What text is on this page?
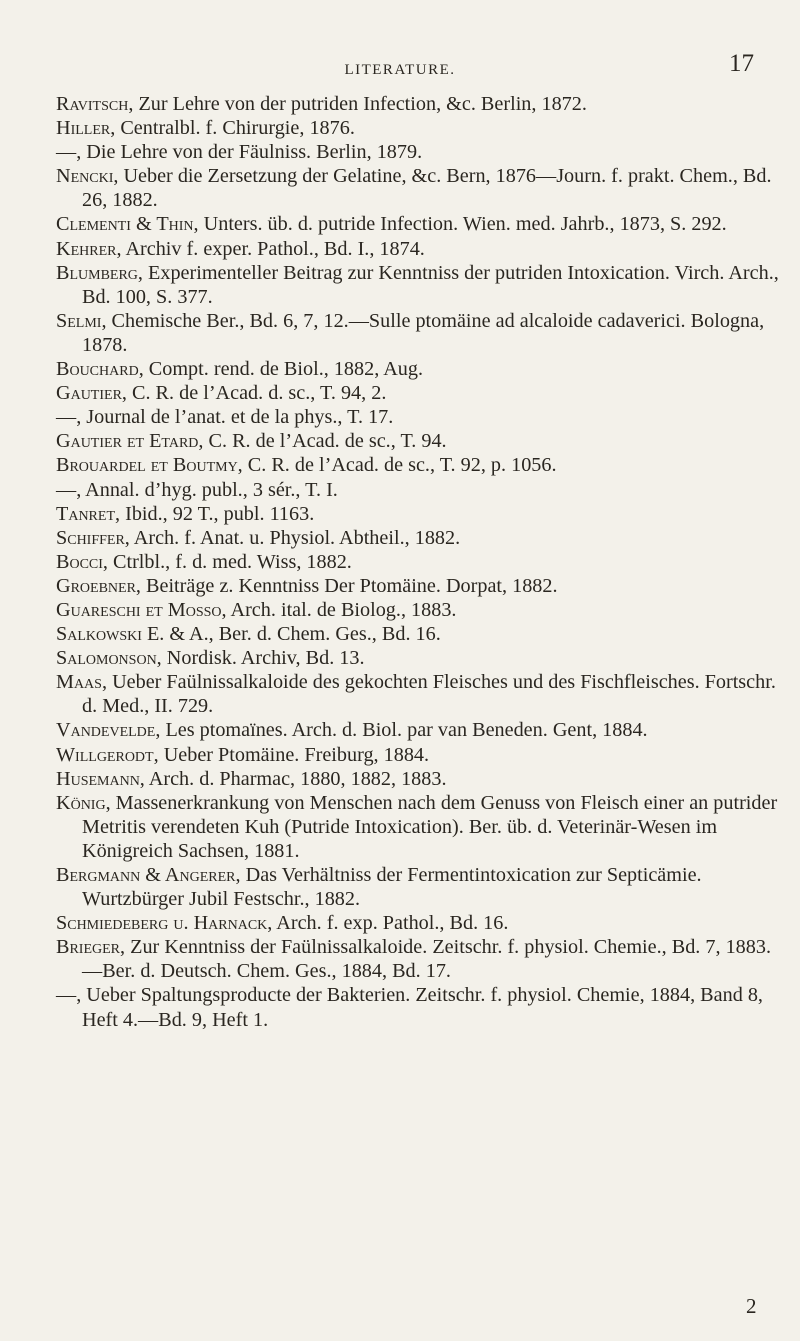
LITERATURE.	17

Ravitsch, Zur Lehre von der putriden Infection, &c. Berlin, 1872.

Hiller, Centralbl. f. Chirurgie, 1876.

—, Die Lehre von der Fäulniss. Berlin, 1879.

Nencki, Ueber die Zersetzung der Gelatine, &c. Bern, 1876—Journ. f. prakt. Chem., Bd. 26, 1882.

Clementi & Thin, Unters. üb. d. putride Infection. Wien. med. Jahrb., 1873, S. 292.

Kehrer, Archiv f. exper. Pathol., Bd. I., 1874.

Blumberg, Experimenteller Beitrag zur Kenntniss der putriden Intoxication. Virch. Arch., Bd. 100, S. 377.

Selmi, Chemische Ber., Bd. 6, 7, 12.—Sulle ptomäine ad alcaloide cadaverici. Bologna, 1878.

Bouchard, Compt. rend. de Biol., 1882, Aug.

Gautier, C. R. de l’Acad. d. sc., T. 94, 2.

—, Journal de l’anat. et de la phys., T. 17.

Gautier et Etard, C. R. de l’Acad. de sc., T. 94.

Brouardel et Boutmy, C. R. de l’Acad. de sc., T. 92, p. 1056.

—, Annal. d’hyg. publ., 3 sér., T. I.

Tanret, Ibid., 92 T., publ. 1163.

Schiffer, Arch. f. Anat. u. Physiol. Abtheil., 1882.

Bocci, Ctrlbl., f. d. med. Wiss, 1882.

Groebner, Beiträge z. Kenntniss Der Ptomäine. Dorpat, 1882.

Guareschi et Mosso, Arch. ital. de Biolog., 1883.

Salkowski E. & A., Ber. d. Chem. Ges., Bd. 16.

Salomonson, Nordisk. Archiv, Bd. 13.

Maas, Ueber Faülnissalkaloide des gekochten Fleisches und des Fischfleisches. Fortschr. d. Med., II. 729.

Vandevelde, Les ptomaïnes. Arch. d. Biol. par van Beneden. Gent, 1884.

Willgerodt, Ueber Ptomäine. Freiburg, 1884.

Husemann, Arch. d. Pharmac, 1880, 1882, 1883.

König, Massenerkrankung von Menschen nach dem Genuss von Fleisch einer an putrider Metritis verendeten Kuh (Putride Intoxication). Ber. üb. d. Veterinär-Wesen im Königreich Sachsen, 1881.

Bergmann & Angerer, Das Verhältniss der Fermentintoxication zur Septicämie. Wurtzbürger Jubil Festschr., 1882.

Schmiedeberg u. Harnack, Arch. f. exp. Pathol., Bd. 16.

Brieger, Zur Kenntniss der Faülnissalkaloide. Zeitschr. f. physiol. Chemie., Bd. 7, 1883.—Ber. d. Deutsch. Chem. Ges., 1884, Bd. 17.

—, Ueber Spaltungsproducte der Bakterien. Zeitschr. f. physiol. Chemie, 1884, Band 8, Heft 4.—Bd. 9, Heft 1.

2
